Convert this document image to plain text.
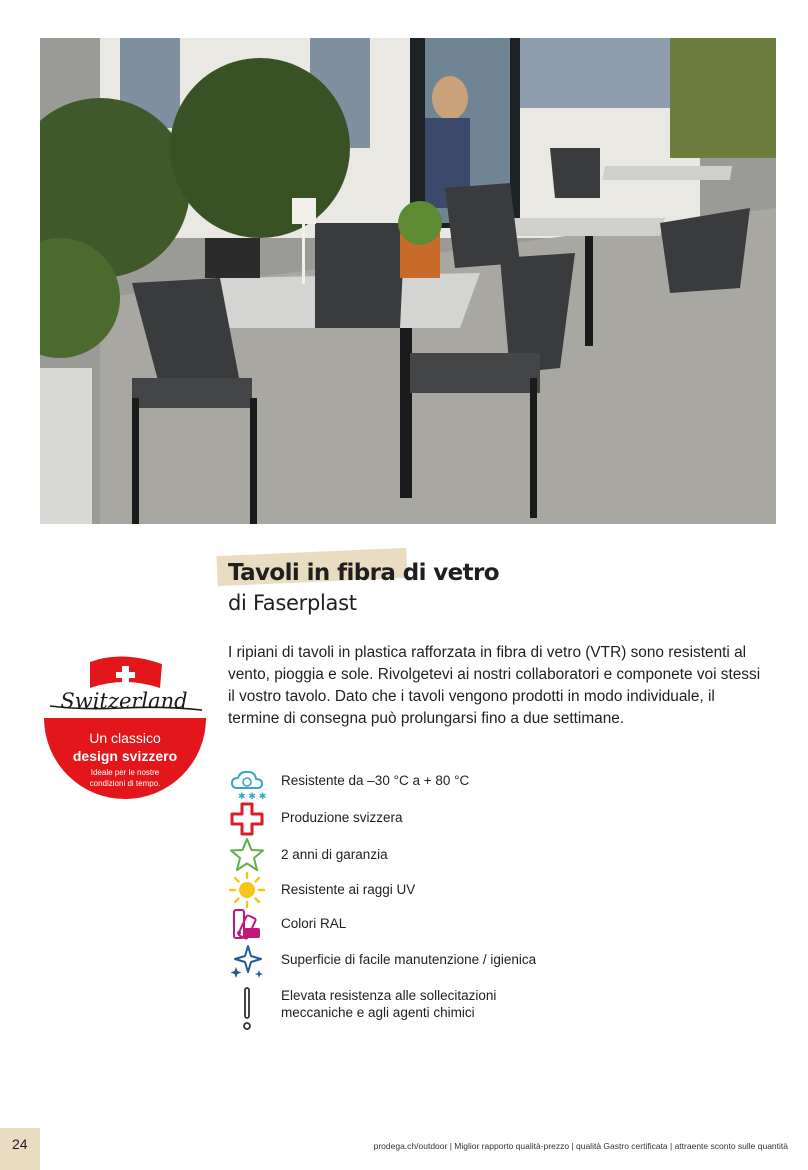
Tavoli in fibra di vetro
di Faserplast
I ripiani di tavoli in plastica rafforzata in fibra di vetro (VTR) sono resistenti al vento, pioggia e sole. Rivolgetevi ai nostri collaboratori e componete voi stessi il vostro tavolo. Dato che i tavoli vengono prodotti in modo individuale, il termine di consegna può prolungarsi fino a due settimane.
Switzerland
Un classico
design svizzero
Ideale per le nostre
condizioni di tempo.
✱ ✱ ✱
Resistente da –30 °C a + 80 °C
Produzione svizzera
2 anni di garanzia
Resistente ai raggi UV
Colori RAL
Superficie di facile manutenzione / igienica
Elevata resistenza alle sollecitazioni
meccaniche e agli agenti chimici
24	prodega.ch/outdoor | Miglior rapporto qualità-prezzo | qualità Gastro certificata | attraente sconto sulle quantità
